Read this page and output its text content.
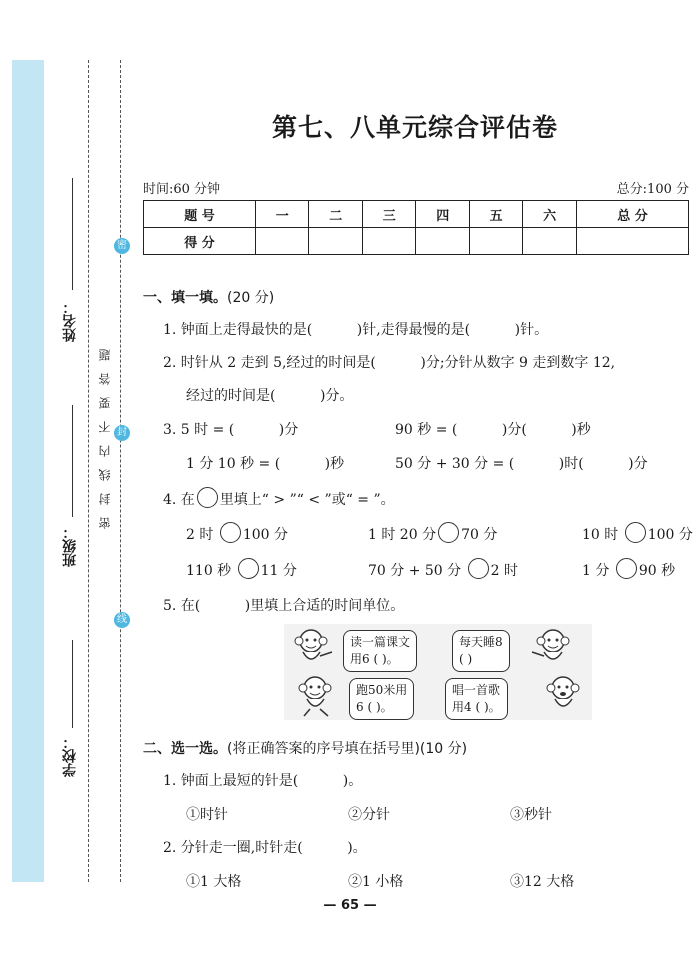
学校：
班级：
姓名：
密
封
线
密封线内不要答题
第七、八单元综合评估卷
时间:60 分钟	总分:100 分
题 号	一	二	三	四	五	六	总 分
得 分							
一、填一填。(20 分)
1. 钟面上走得最快的是(          )针,走得最慢的是(          )针。
2. 时针从 2 走到 5,经过的时间是(          )分;分针从数字 9 走到数字 12,
经过的时间是(          )分。
3. 5 时 = (          )分	90 秒 = (          )分(          )秒
1 分 10 秒 = (          )秒	50 分 + 30 分 = (          )时(          )分
4. 在 里填上“ > ”“ < ”或“ = ”。
2 时 100 分	1 时 20 分 70 分	10 时 100 分
110 秒 11 分	70 分 + 50 分 2 时	1 分 90 秒
5. 在(          )里填上合适的时间单位。
读一篇课文
用6 ( )。
每天睡8
( )
跑50米用
6 ( )。
唱一首歌
用4 ( )。
二、选一选。(将正确答案的序号填在括号里)(10 分)
1. 钟面上最短的针是(          )。
①时针	②分针	③秒针
2. 分针走一圈,时针走(          )。
①1 大格	②1 小格	③12 大格
— 65 —
